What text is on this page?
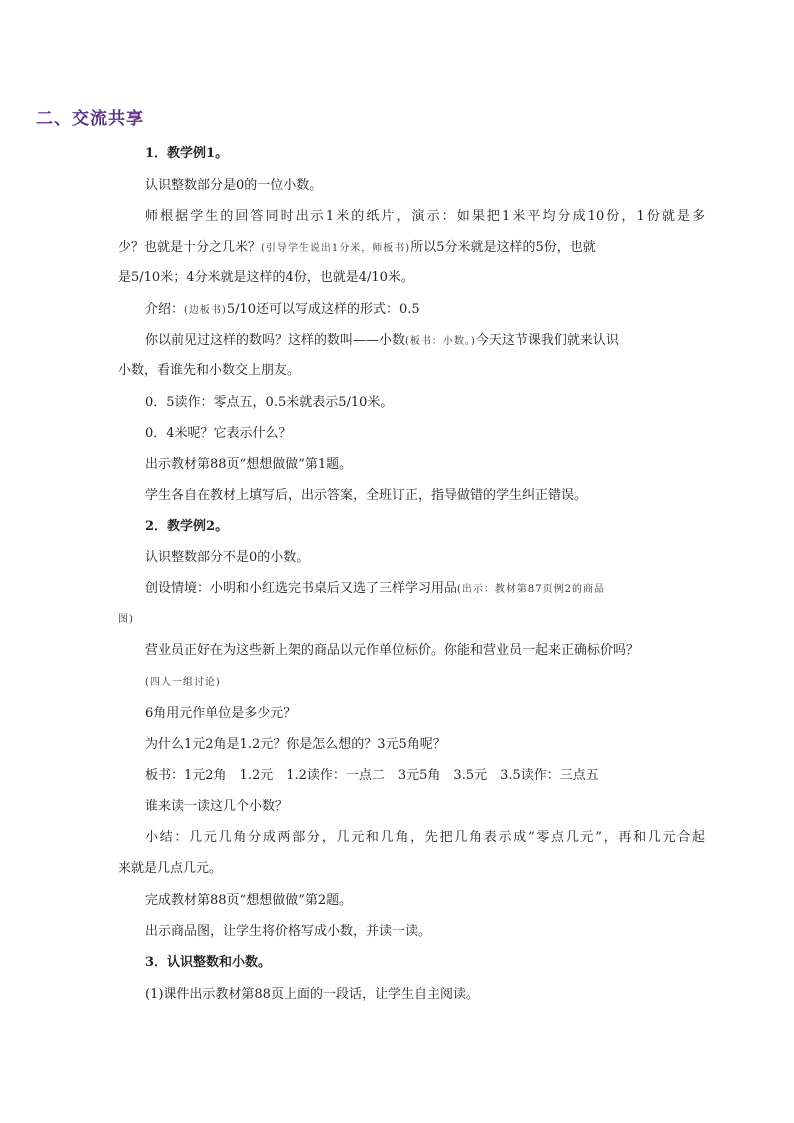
二、交流共享
1．教学例1。
认识整数部分是0的一位小数。
师根据学生的回答同时出示1米的纸片，演示：如果把1米平均分成10份，1份就是多
少？也就是十分之几米？(引导学生说出1分米，师板书)所以5分米就是这样的5份，也就
是5/10米；4分米就是这样的4份，也就是4/10米。
介绍：(边板书)5/10还可以写成这样的形式：0.5
你以前见过这样的数吗？这样的数叫——小数(板书：小数。)今天这节课我们就来认识
小数，看谁先和小数交上朋友。
0．5读作：零点五，0.5米就表示5/10米。
0．4米呢？它表示什么？
出示教材第88页“想想做做”第1题。
学生各自在教材上填写后，出示答案，全班订正，指导做错的学生纠正错误。
2．教学例2。
认识整数部分不是0的小数。
创设情境：小明和小红选完书桌后又选了三样学习用品(出示：教材第87页例2的商品
图)
营业员正好在为这些新上架的商品以元作单位标价。你能和营业员一起来正确标价吗？
(四人一组讨论)
6角用元作单位是多少元？
为什么1元2角是1.2元？你是怎么想的？3元5角呢？
板书：1元2角　1.2元　1.2读作：一点二　3元5角　3.5元　3.5读作：三点五
谁来读一读这几个小数？
小结：几元几角分成两部分，几元和几角，先把几角表示成“零点几元”，再和几元合起
来就是几点几元。
完成教材第88页“想想做做”第2题。
出示商品图，让学生将价格写成小数，并读一读。
3．认识整数和小数。
(1)课件出示教材第88页上面的一段话，让学生自主阅读。
